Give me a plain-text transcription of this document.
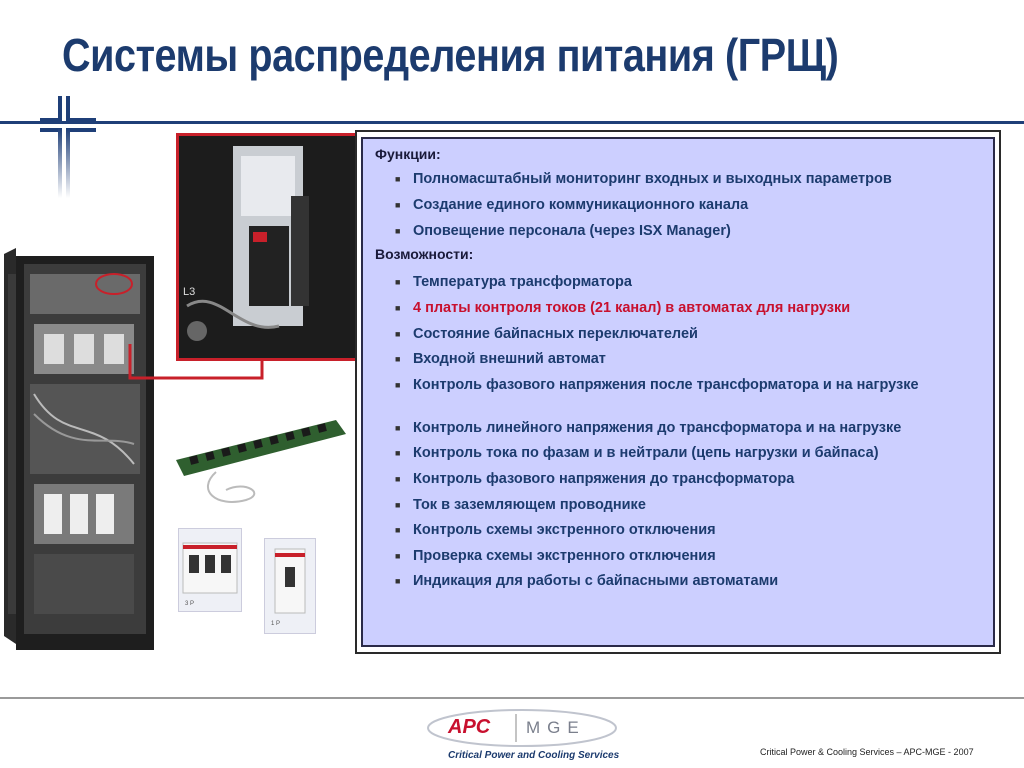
Системы распределения питания (ГРЩ)
L3
3 P
1 P
Функции:
■ Полномасштабный мониторинг входных и выходных параметров
■ Создание единого коммуникационного канала
■ Оповещение персонала (через ISX Manager)
Возможности:
■ Температура трансформатора
■ 4 платы контроля токов (21 канал) в автоматах для нагрузки
■ Состояние байпасных переключателей
■ Входной внешний автомат
■ Контроль фазового напряжения после трансформатора и на нагрузке
■ Контроль линейного напряжения до трансформатора и на нагрузке
■ Контроль тока по фазам и в нейтрали (цепь нагрузки и байпаса)
■ Контроль фазового напряжения до трансформатора
■ Ток в заземляющем проводнике
■ Контроль схемы экстренного отключения
■ Проверка схемы экстренного отключения
■ Индикация для работы с байпасными автоматами
APC MGE
Critical Power and Cooling Services	Critical Power & Cooling Services – APC-MGE - 2007
